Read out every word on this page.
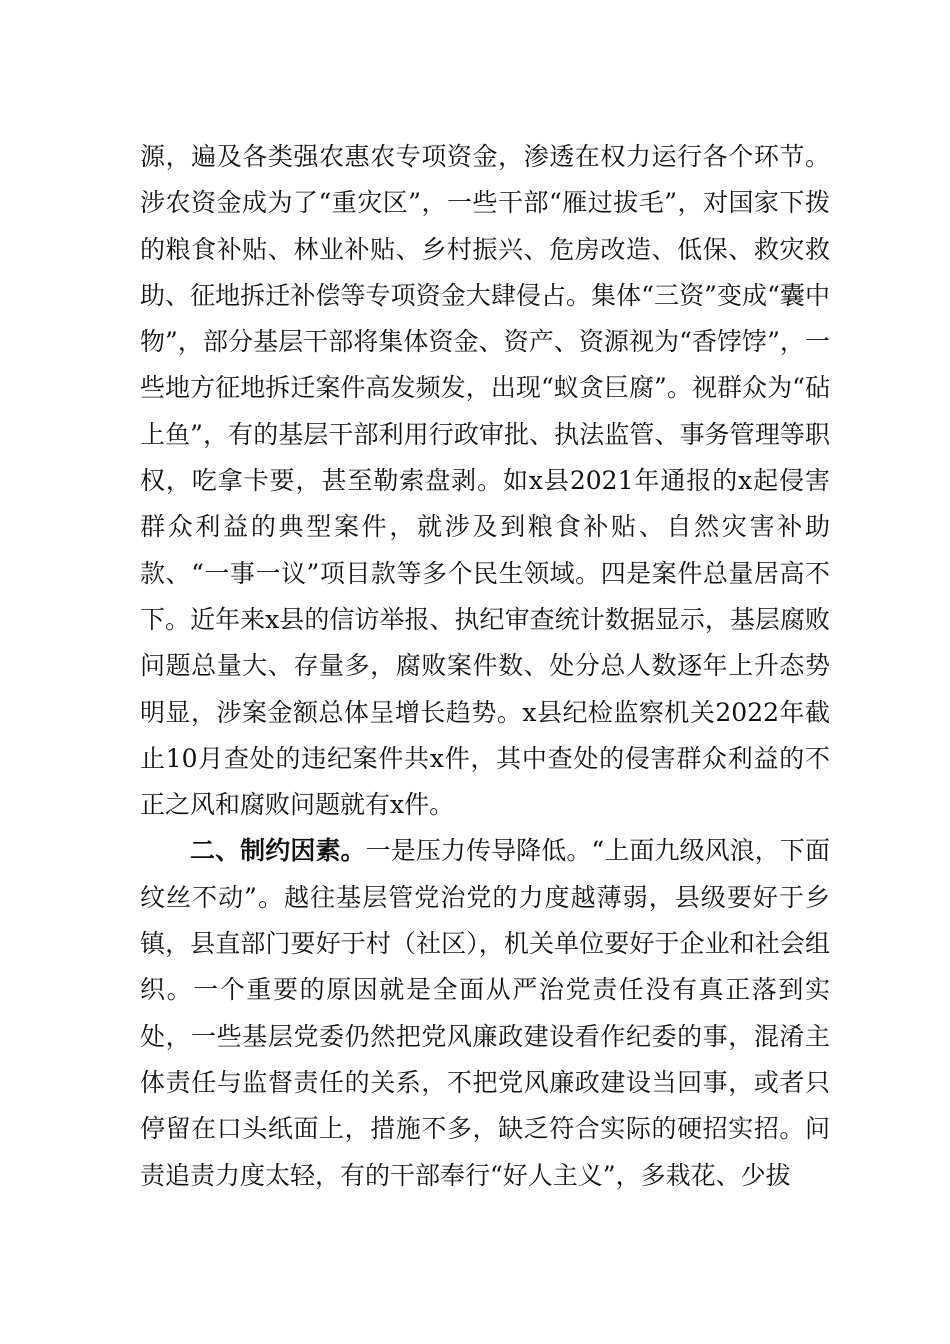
源，遍及各类强农惠农专项资金，渗透在权力运行各个环节。涉农资金成为了“重灾区”，一些干部“雁过拔毛”，对国家下拨的粮食补贴、林业补贴、乡村振兴、危房改造、低保、救灾救助、征地拆迁补偿等专项资金大肆侵占。集体“三资”变成“囊中物”，部分基层干部将集体资金、资产、资源视为“香饽饽”，一些地方征地拆迁案件高发频发，出现“蚁贪巨腐”。视群众为“砧上鱼”，有的基层干部利用行政审批、执法监管、事务管理等职权，吃拿卡要，甚至勒索盘剥。如x县2021年通报的x起侵害群众利益的典型案件，就涉及到粮食补贴、自然灾害补助款、“一事一议”项目款等多个民生领域。四是案件总量居高不下。近年来x县的信访举报、执纪审查统计数据显示，基层腐败问题总量大、存量多，腐败案件数、处分总人数逐年上升态势明显，涉案金额总体呈增长趋势。x县纪检监察机关2022年截止10月查处的违纪案件共x件，其中查处的侵害群众利益的不正之风和腐败问题就有x件。

二、制约因素。一是压力传导降低。“上面九级风浪，下面纹丝不动”。越往基层管党治党的力度越薄弱，县级要好于乡镇，县直部门要好于村（社区），机关单位要好于企业和社会组织。一个重要的原因就是全面从严治党责任没有真正落到实处，一些基层党委仍然把党风廉政建设看作纪委的事，混淆主体责任与监督责任的关系，不把党风廉政建设当回事，或者只停留在口头纸面上，措施不多，缺乏符合实际的硬招实招。问责追责力度太轻，有的干部奉行“好人主义”，多栽花、少拔
